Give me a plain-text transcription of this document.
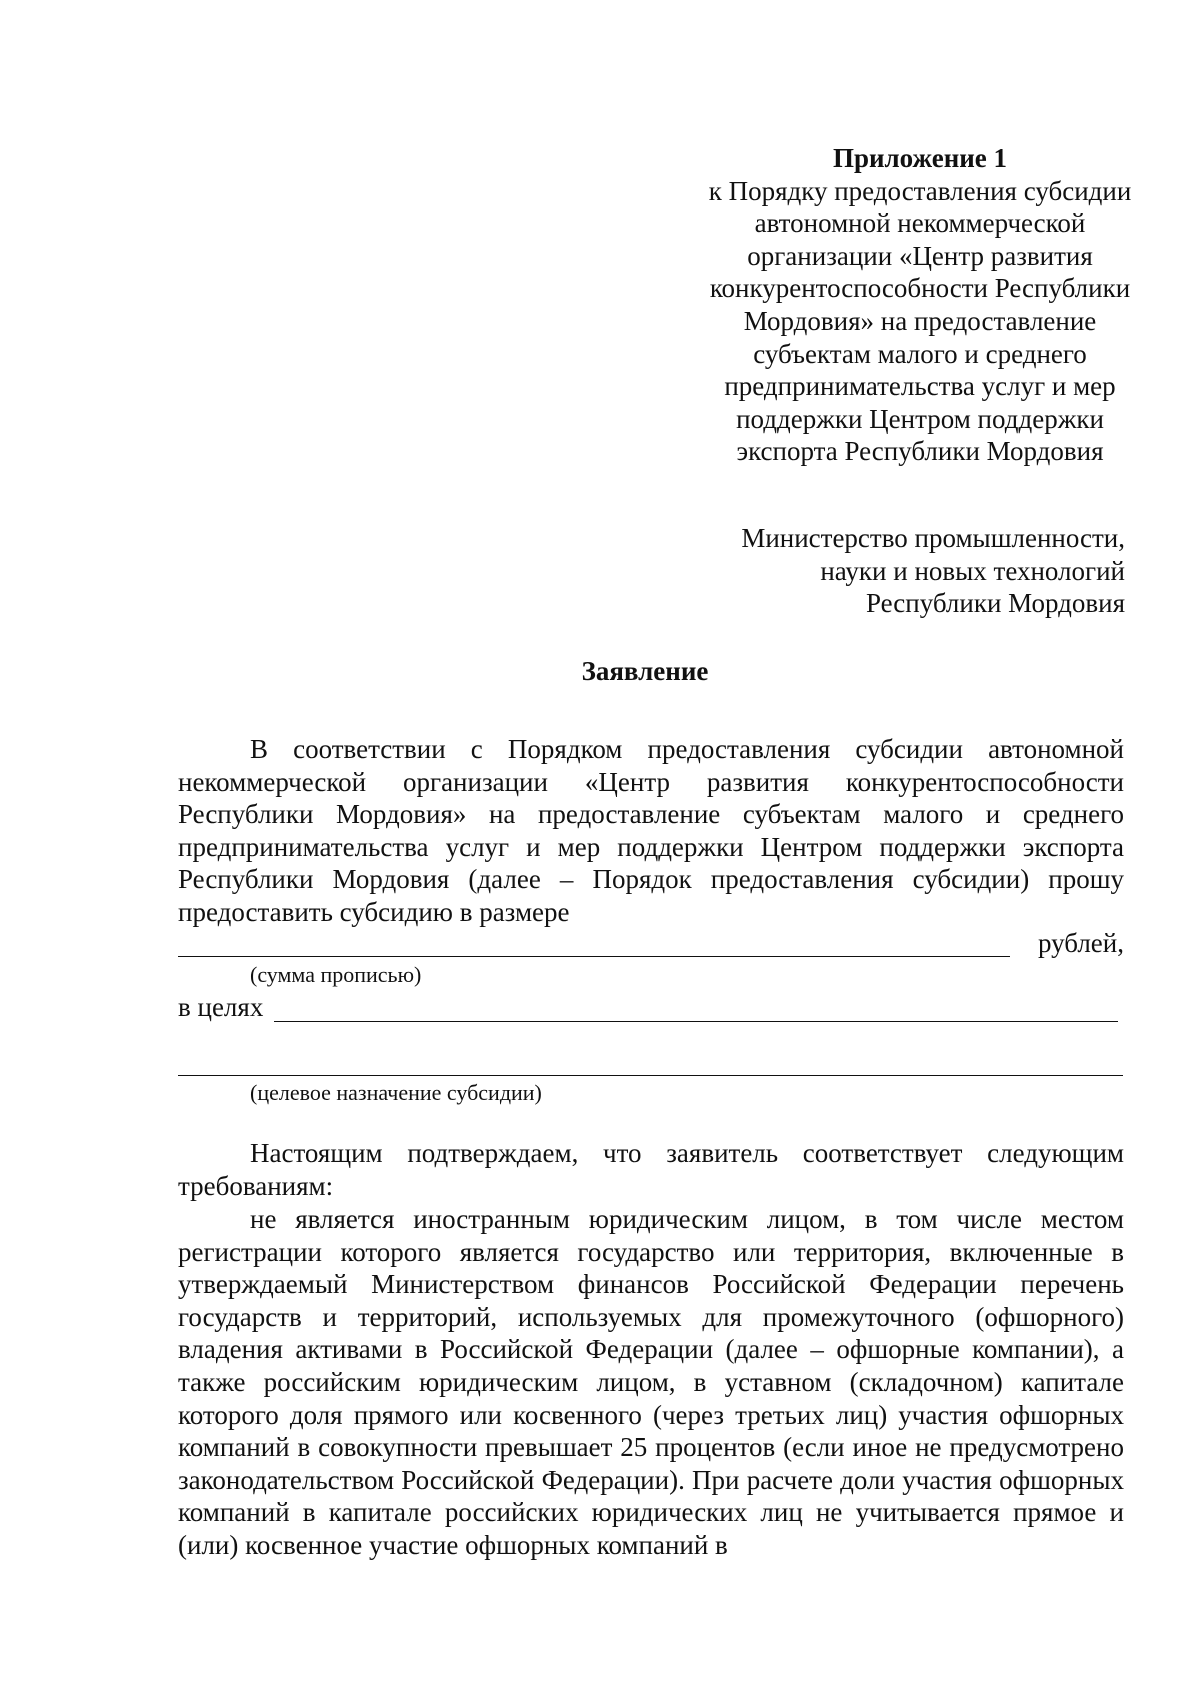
Приложение 1
к Порядку предоставления субсидии автономной некоммерческой организации «Центр развития конкурентоспособности Республики Мордовия» на предоставление субъектам малого и среднего предпринимательства услуг и мер поддержки Центром поддержки экспорта Республики Мордовия
Министерство промышленности,
науки и новых технологий
Республики Мордовия
Заявление
В соответствии с Порядком предоставления субсидии автономной некоммерческой организации «Центр развития конкурентоспособности Республики Мордовия» на предоставление субъектам малого и среднего предпринимательства услуг и мер поддержки Центром поддержки экспорта Республики Мордовия (далее – Порядок предоставления субсидии) прошу предоставить субсидию в размере
рублей,
(сумма прописью)
в целях
(целевое назначение субсидии)
Настоящим подтверждаем, что заявитель соответствует следующим требованиям:
не является иностранным юридическим лицом, в том числе местом регистрации которого является государство или территория, включенные в утверждаемый Министерством финансов Российской Федерации перечень государств и территорий, используемых для промежуточного (офшорного) владения активами в Российской Федерации (далее – офшорные компании), а также российским юридическим лицом, в уставном (складочном) капитале которого доля прямого или косвенного (через третьих лиц) участия офшорных компаний в совокупности превышает 25 процентов (если иное не предусмотрено законодательством Российской Федерации). При расчете доли участия офшорных компаний в капитале российских юридических лиц не учитывается прямое и (или) косвенное участие офшорных компаний в
